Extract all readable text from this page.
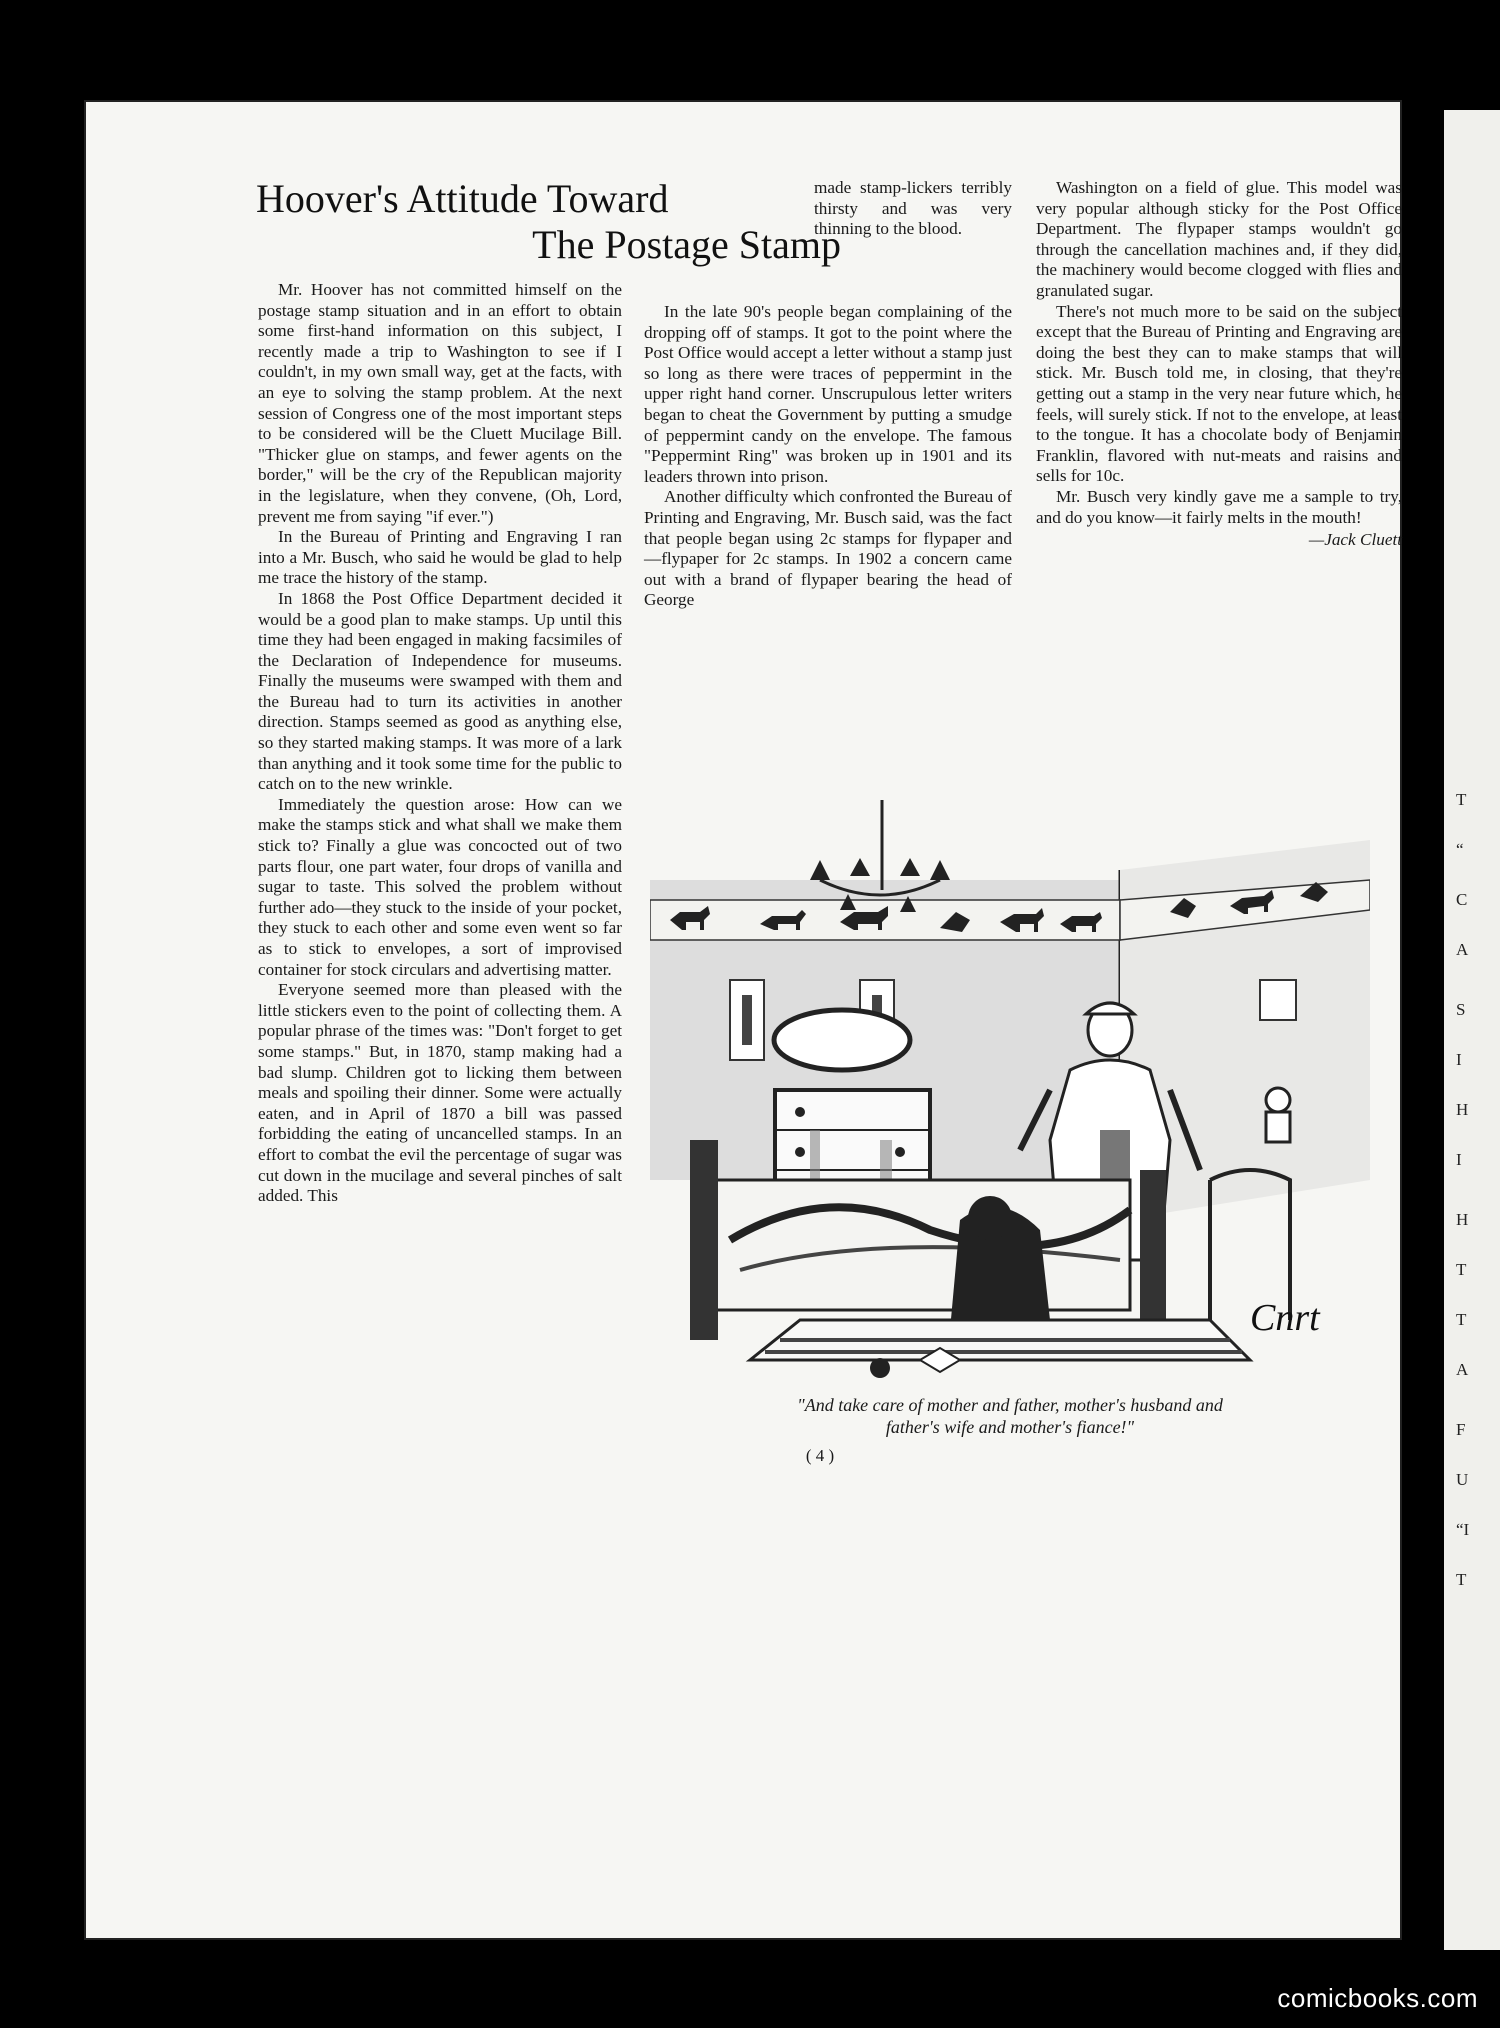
T
“
C
A
S
I
H
I
H
T
T
A
F
U
“I
T
Hoover's Attitude Toward
The Postage Stamp

Mr. Hoover has not committed himself on the postage stamp situation and in an effort to obtain some first-hand information on this subject, I recently made a trip to Washington to see if I couldn't, in my own small way, get at the facts, with an eye to solving the stamp problem. At the next session of Congress one of the most important steps to be considered will be the Cluett Mucilage Bill. "Thicker glue on stamps, and fewer agents on the border," will be the cry of the Republican majority in the legislature, when they convene, (Oh, Lord, prevent me from saying "if ever.")

In the Bureau of Printing and Engraving I ran into a Mr. Busch, who said he would be glad to help me trace the history of the stamp.

In 1868 the Post Office Department decided it would be a good plan to make stamps. Up until this time they had been engaged in making facsimiles of the Declaration of Independence for museums. Finally the museums were swamped with them and the Bureau had to turn its activities in another direction. Stamps seemed as good as anything else, so they started making stamps. It was more of a lark than anything and it took some time for the public to catch on to the new wrinkle.

Immediately the question arose: How can we make the stamps stick and what shall we make them stick to? Finally a glue was concocted out of two parts flour, one part water, four drops of vanilla and sugar to taste. This solved the problem without further ado—they stuck to the inside of your pocket, they stuck to each other and some even went so far as to stick to envelopes, a sort of improvised container for stock circulars and advertising matter.

Everyone seemed more than pleased with the little stickers even to the point of collecting them. A popular phrase of the times was: "Don't forget to get some stamps." But, in 1870, stamp making had a bad slump. Children got to licking them between meals and spoiling their dinner. Some were actually eaten, and in April of 1870 a bill was passed forbidding the eating of uncancelled stamps. In an effort to combat the evil the percentage of sugar was cut down in the mucilage and several pinches of salt added. This

made stamp-lickers terribly thirsty and was very thinning to the blood.

In the late 90's people began complaining of the dropping off of stamps. It got to the point where the Post Office would accept a letter without a stamp just so long as there were traces of peppermint in the upper right hand corner. Unscrupulous letter writers began to cheat the Government by putting a smudge of peppermint candy on the envelope. The famous "Peppermint Ring" was broken up in 1901 and its leaders thrown into prison.

Another difficulty which confronted the Bureau of Printing and Engraving, Mr. Busch said, was the fact that people began using 2c stamps for flypaper and —flypaper for 2c stamps. In 1902 a concern came out with a brand of flypaper bearing the head of George

Washington on a field of glue. This model was very popular although sticky for the Post Office Department. The flypaper stamps wouldn't go through the cancellation machines and, if they did, the machinery would become clogged with flies and granulated sugar.

There's not much more to be said on the subject except that the Bureau of Printing and Engraving are doing the best they can to make stamps that will stick. Mr. Busch told me, in closing, that they're getting out a stamp in the very near future which, he feels, will surely stick. If not to the envelope, at least to the tongue. It has a chocolate body of Benjamin Franklin, flavored with nut-meats and raisins and sells for 10c.

Mr. Busch very kindly gave me a sample to try, and do you know—it fairly melts in the mouth!

—Jack Cluett

Cnrt
"And take care of mother and father, mother's husband and
father's wife and mother's fiance!"
( 4 )
comicbooks.com
